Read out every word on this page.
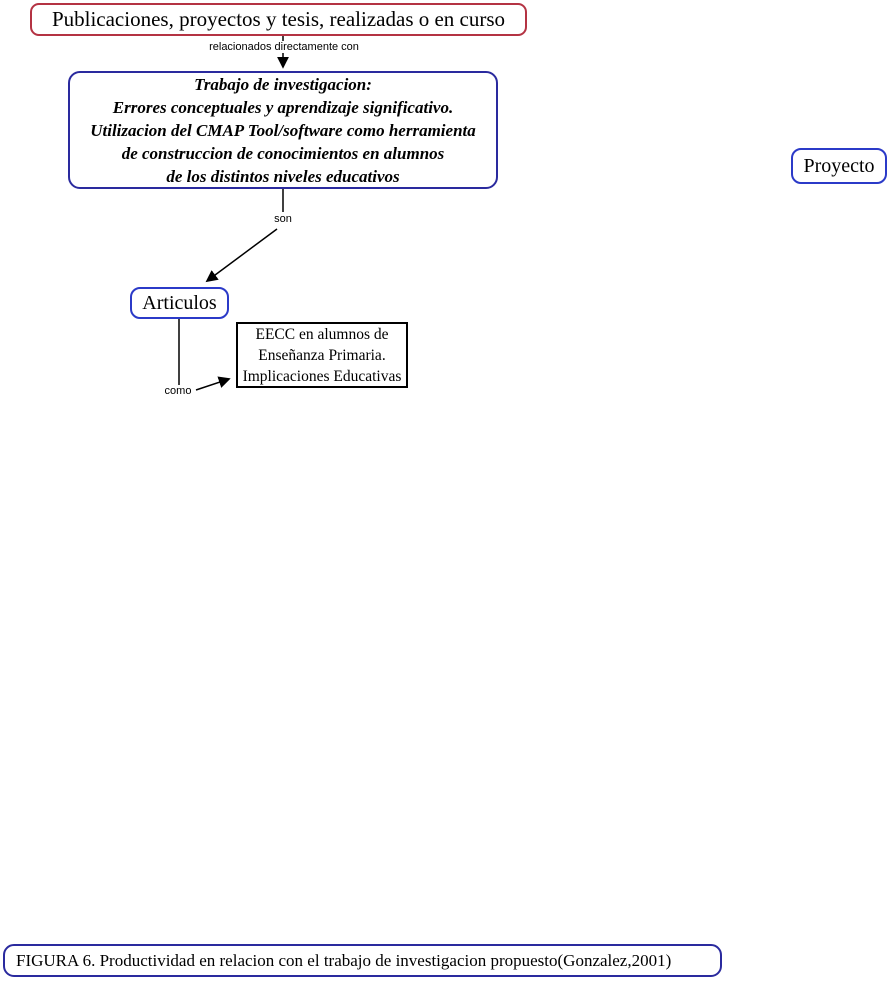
Publicaciones, proyectos y tesis, realizadas o en curso
relacionados directamente con
Trabajo de investigacion:
Errores conceptuales y aprendizaje significativo.
Utilizacion del CMAP Tool/software como herramienta
de construccion de conocimientos en alumnos
de los distintos niveles educativos
son
Articulos
como
EECC en alumnos de
Enseñanza Primaria.
Implicaciones Educativas
Proyecto
FIGURA 6. Productividad en relacion con el trabajo de investigacion propuesto(Gonzalez,2001)
